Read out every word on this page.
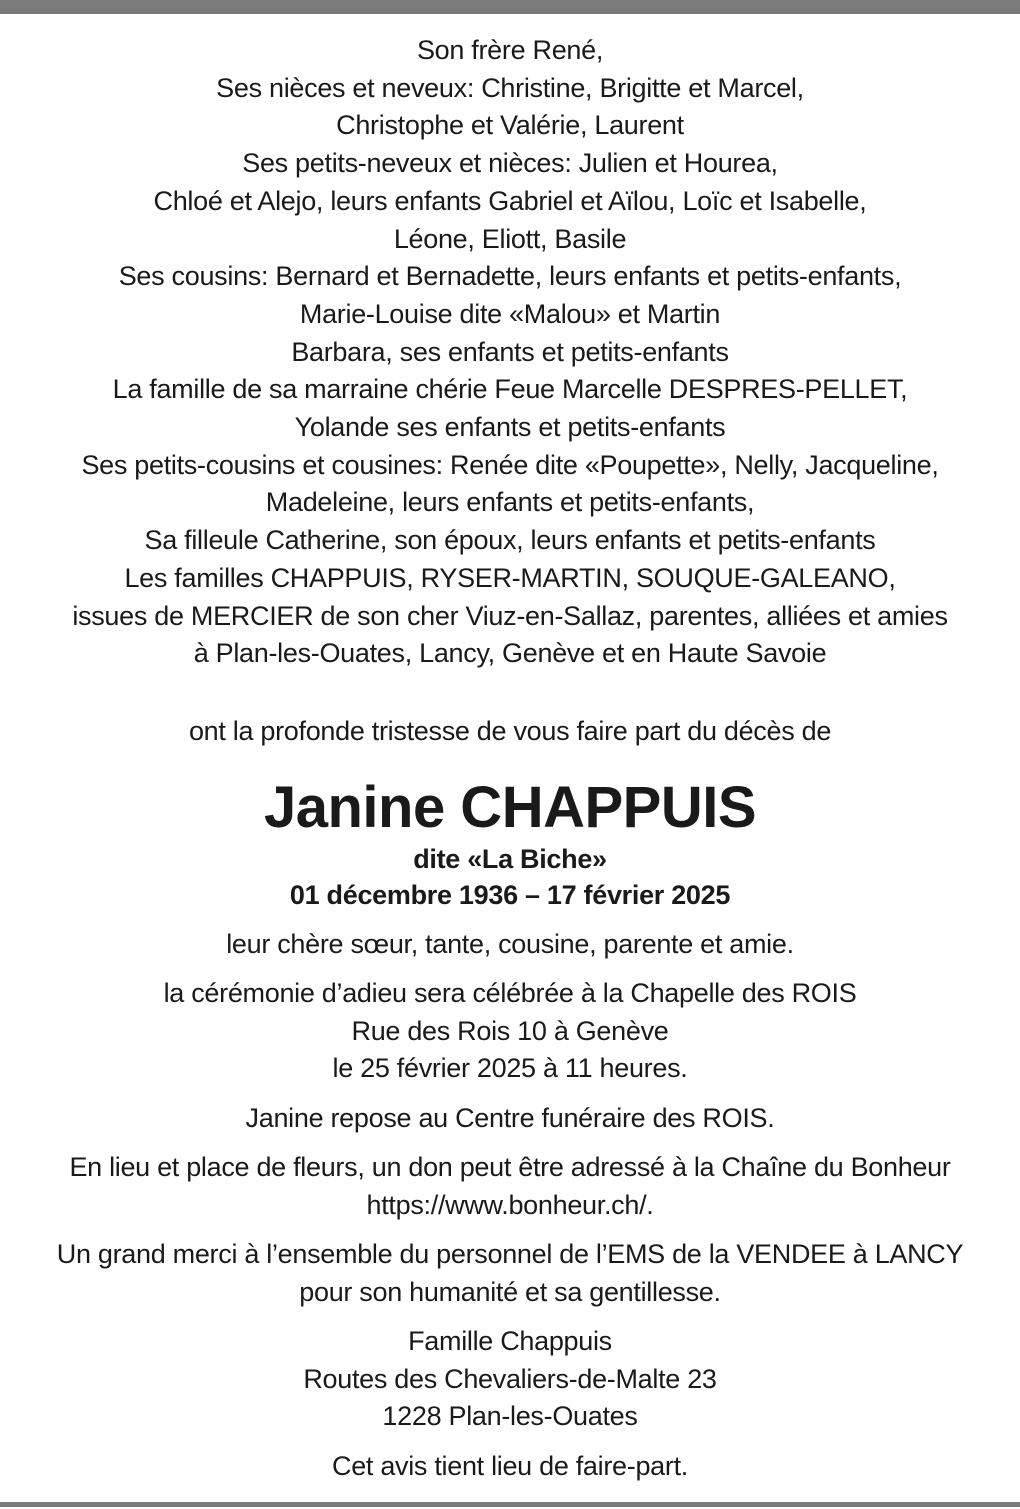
Son frère René,

Ses nièces et neveux: Christine, Brigitte et Marcel,

Christophe et Valérie, Laurent

Ses petits-neveux et nièces: Julien et Hourea,

Chloé et Alejo, leurs enfants Gabriel et Aïlou, Loïc et Isabelle,

Léone, Eliott, Basile

Ses cousins: Bernard et Bernadette, leurs enfants et petits-enfants,

Marie-Louise dite «Malou» et Martin

Barbara, ses enfants et petits-enfants

La famille de sa marraine chérie Feue Marcelle DESPRES-PELLET,

Yolande ses enfants et petits-enfants

Ses petits-cousins et cousines: Renée dite «Poupette», Nelly, Jacqueline,

Madeleine, leurs enfants et petits-enfants,

Sa filleule Catherine, son époux, leurs enfants et petits-enfants

Les familles CHAPPUIS, RYSER-MARTIN, SOUQUE-GALEANO,

issues de MERCIER de son cher Viuz-en-Sallaz, parentes, alliées et amies

à Plan-les-Ouates, Lancy, Genève et en Haute Savoie

ont la profonde tristesse de vous faire part du décès de

Janine CHAPPUIS

dite «La Biche»

01 décembre 1936 – 17 février 2025

leur chère sœur, tante, cousine, parente et amie.

la cérémonie d’adieu sera célébrée à la Chapelle des ROIS

Rue des Rois 10 à Genève

le 25 février 2025 à 11 heures.

Janine repose au Centre funéraire des ROIS.

En lieu et place de fleurs, un don peut être adressé à la Chaîne du Bonheur

https://www.bonheur.ch/.

Un grand merci à l’ensemble du personnel de l’EMS de la VENDEE à LANCY

pour son humanité et sa gentillesse.

Famille Chappuis

Routes des Chevaliers-de-Malte 23

1228 Plan-les-Ouates

Cet avis tient lieu de faire-part.
